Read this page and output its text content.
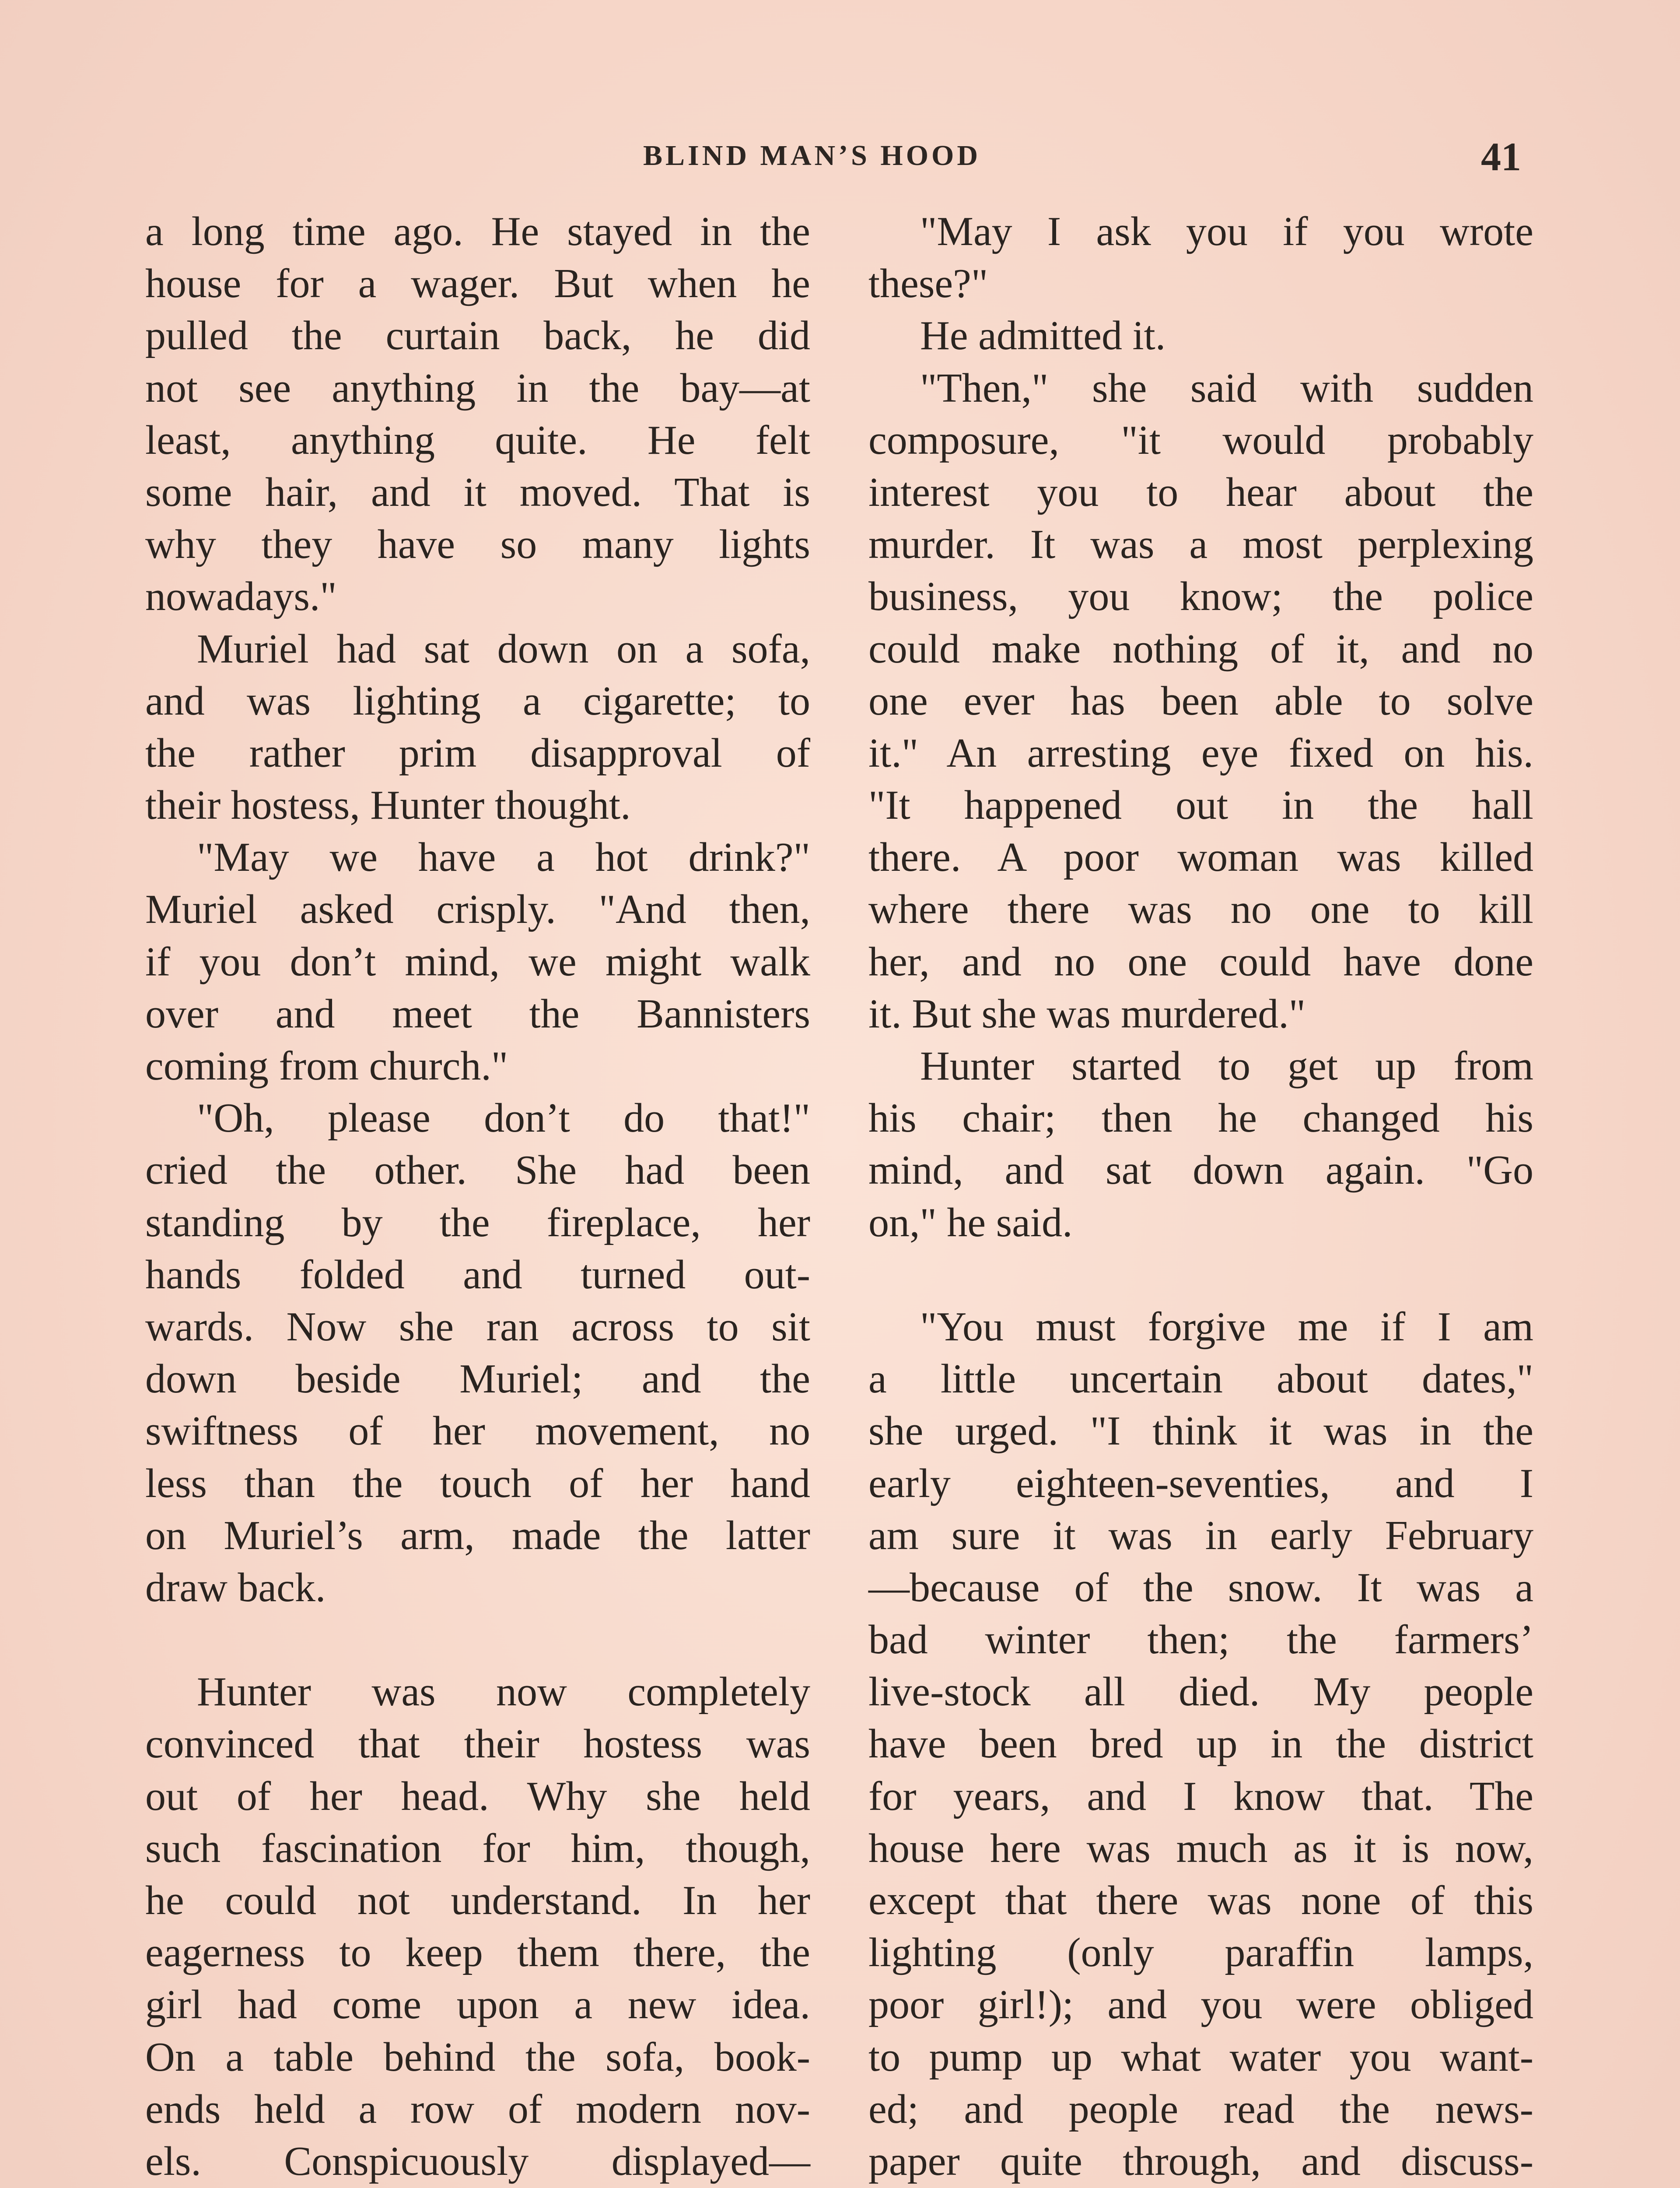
BLIND MAN’S HOOD	41
a long time ago. He stayed in the
house for a wager. But when he
pulled the curtain back, he did
not see anything in the bay—at
least, anything quite. He felt
some hair, and it moved. That is
why they have so many lights
nowadays."
Muriel had sat down on a sofa,
and was lighting a cigarette; to
the rather prim disapproval of
their hostess, Hunter thought.
"May we have a hot drink?"
Muriel asked crisply. "And then,
if you don’t mind, we might walk
over and meet the Bannisters
coming from church."
"Oh, please don’t do that!"
cried the other. She had been
standing by the fireplace, her
hands folded and turned out-
wards. Now she ran across to sit
down beside Muriel; and the
swiftness of her movement, no
less than the touch of her hand
on Muriel’s arm, made the latter
draw back.
Hunter was now completely
convinced that their hostess was
out of her head. Why she held
such fascination for him, though,
he could not understand. In her
eagerness to keep them there, the
girl had come upon a new idea.
On a table behind the sofa, book-
ends held a row of modern nov-
els. Conspicuously displayed—
"May I ask you if you wrote
these?"
He admitted it.
"Then," she said with sudden
composure, "it would probably
interest you to hear about the
murder. It was a most perplexing
business, you know; the police
could make nothing of it, and no
one ever has been able to solve
it." An arresting eye fixed on his.
"It happened out in the hall
there. A poor woman was killed
where there was no one to kill
her, and no one could have done
it. But she was murdered."
Hunter started to get up from
his chair; then he changed his
mind, and sat down again. "Go
on," he said.
"You must forgive me if I am
a little uncertain about dates,"
she urged. "I think it was in the
early eighteen-seventies, and I
am sure it was in early February
—because of the snow. It was a
bad winter then; the farmers’
live-stock all died. My people
have been bred up in the district
for years, and I know that. The
house here was much as it is now,
except that there was none of this
lighting (only paraffin lamps,
poor girl!); and you were obliged
to pump up what water you want-
ed; and people read the news-
paper quite through, and discuss-
